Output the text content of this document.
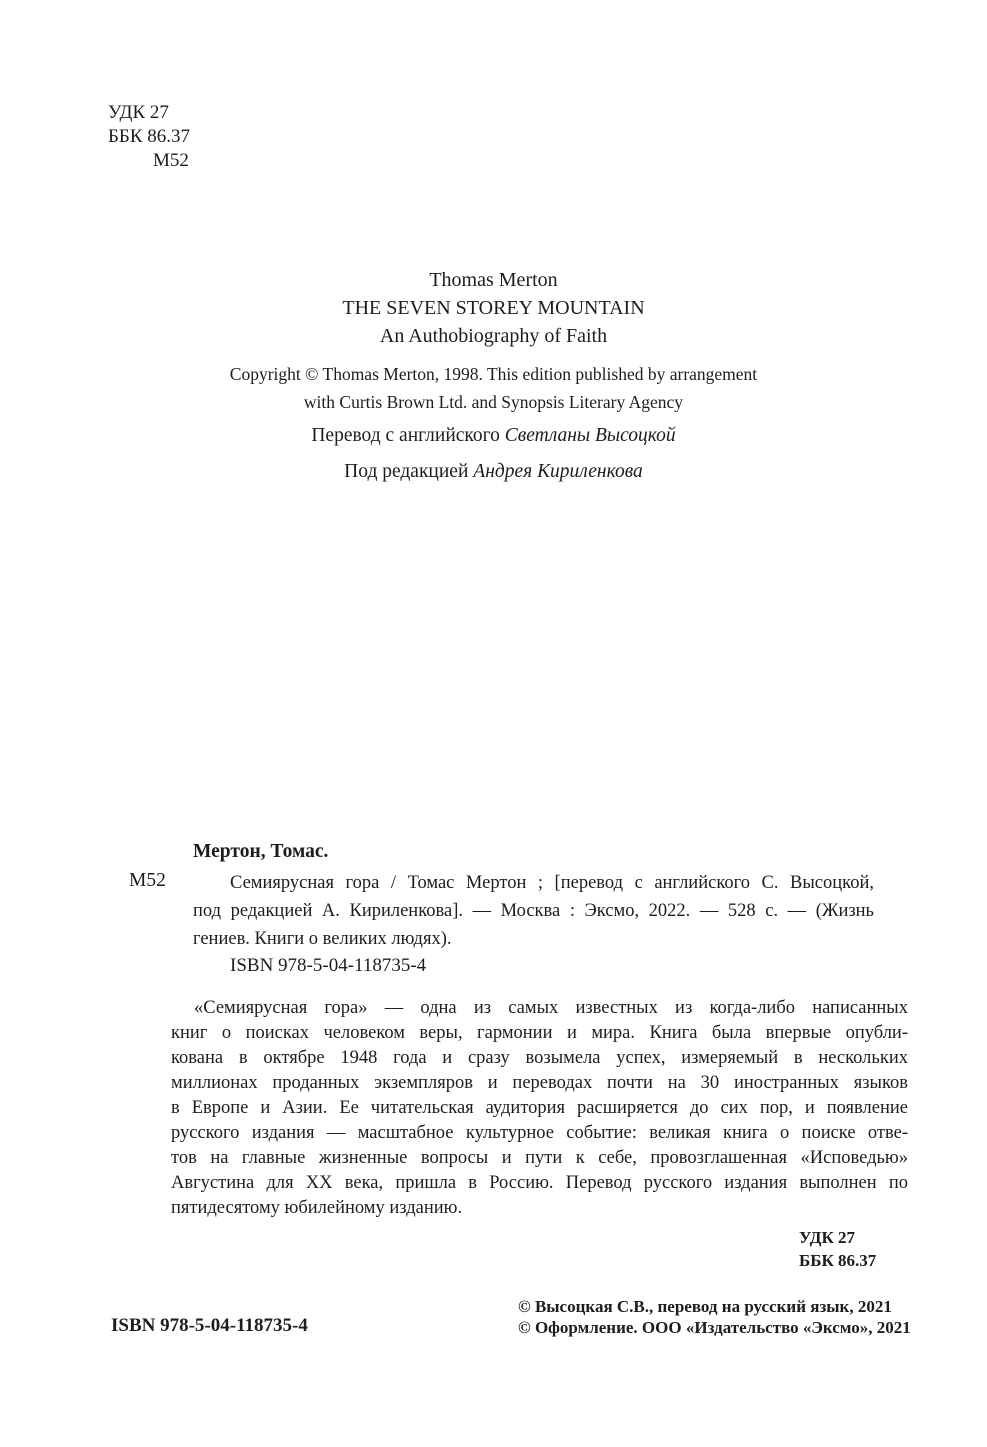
УДК 27
ББК 86.37
М52
Thomas Merton
THE SEVEN STOREY MOUNTAIN
An Authobiography of Faith
Copyright © Thomas Merton, 1998. This edition published by arrangement
with Curtis Brown Ltd. and Synopsis Literary Agency
Перевод с английского Светланы Высоцкой
Под редакцией Андрея Кириленкова
Мертон, Томас.
М52	Семиярусная гора / Томас Мертон ; [перевод с английского С. Высоцкой,
под редакцией А. Кириленкова]. — Москва : Эксмо, 2022. — 528 с. — (Жизнь
гениев. Книги о великих людях).
ISBN 978-5-04-118735-4
«Семиярусная гора» — одна из самых известных из когда-либо написанных
книг о поисках человеком веры, гармонии и мира. Книга была впервые опубли-
кована в октябре 1948 года и сразу возымела успех, измеряемый в нескольких
миллионах проданных экземпляров и переводах почти на 30 иностранных языков
в Европе и Азии. Ее читательская аудитория расширяется до сих пор, и появление
русского издания — масштабное культурное событие: великая книга о поиске отве-
тов на главные жизненные вопросы и пути к себе, провозглашенная «Исповедью»
Августина для XX века, пришла в Россию. Перевод русского издания выполнен по
пятидесятому юбилейному изданию.
УДК 27
ББК 86.37
ISBN 978-5-04-118735-4
© Высоцкая С.В., перевод на русский язык, 2021
© Оформление. ООО «Издательство «Эксмо», 2021
